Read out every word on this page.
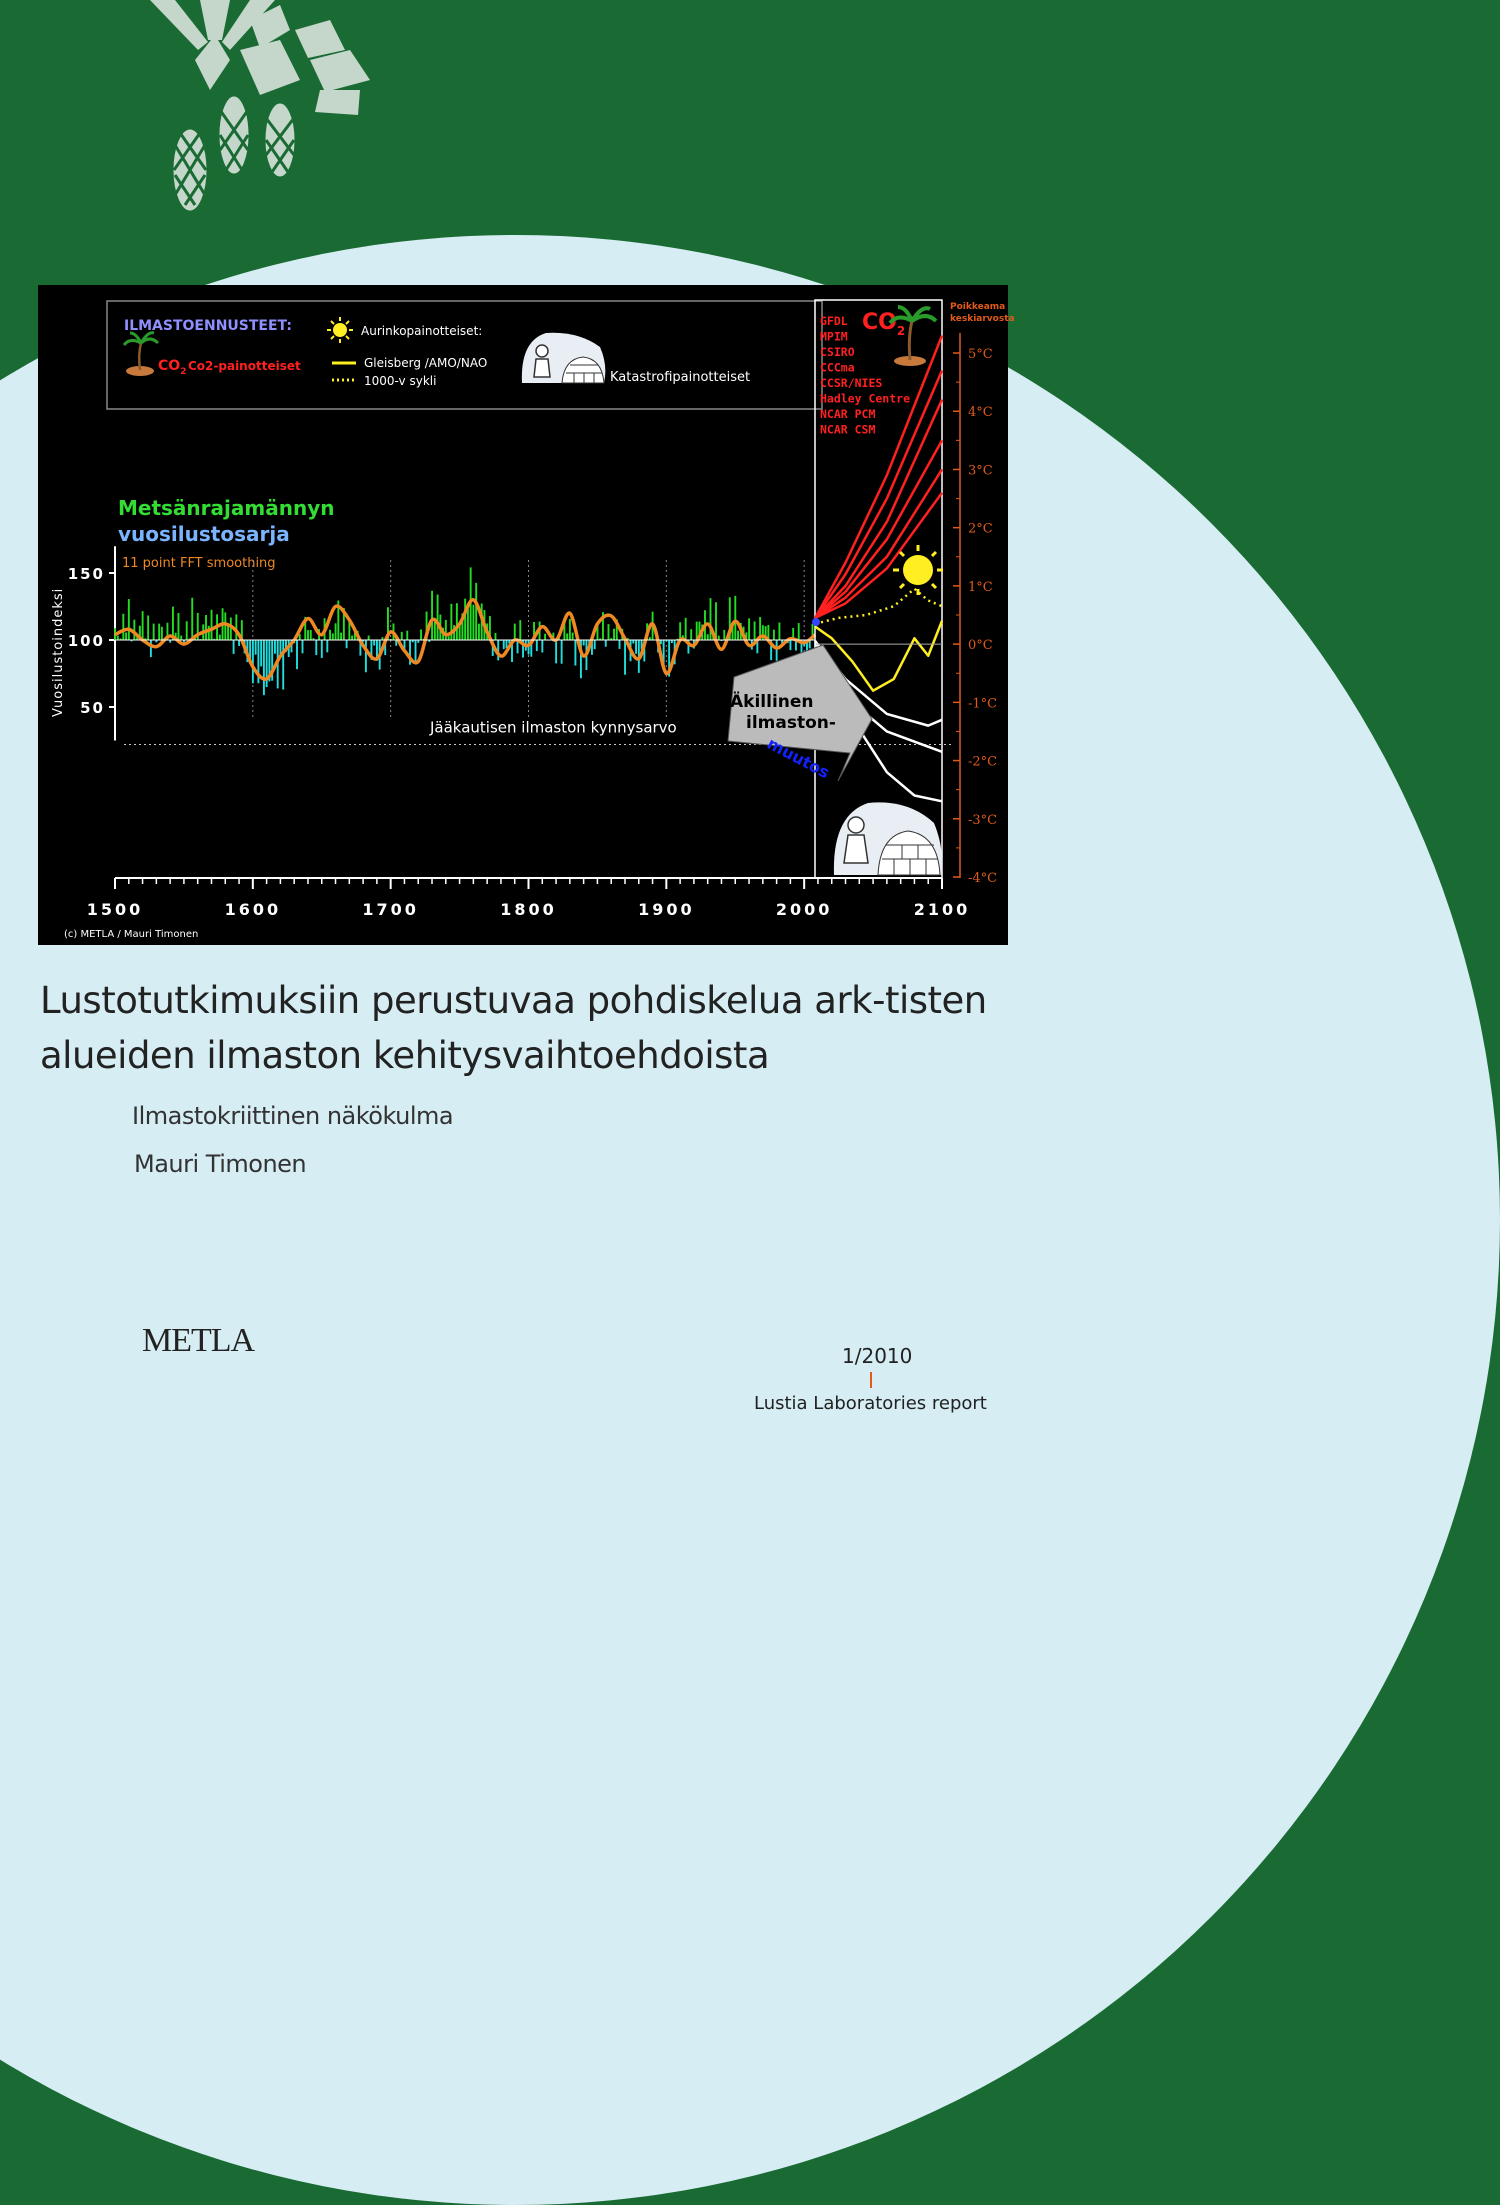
ILMASTOENNUSTEET:
$CO_2$ Co2-painotteiset
Aurinkopainotteiset:
Gleisberg /AMO/NAO
1000-v sykli	Katastrofipainotteiset
Metsänrajamännyn
vuosilustosarja
11 point FFT smoothing
Vuosilustoindeksi
150
100
50
Jääkautisen ilmaston kynnysarvo
1500	1600	1700	1800	1900	2000	2100
(c) METLA / Mauri Timonen
GFDL
MPIM
CSIRO
CCCma
CCSR/NIES
Hadley Centre
NCAR PCM
NCAR CSM
$CO_2$
Poikkeama
keskiarvosta
5°C
4°C
3°C
2°C
1°C
0°C
-1°C
-2°C
-3°C
-4°C
Äkillinen
ilmaston-
muutos
Lustotutkimuksiin perustuvaa pohdiskelua ark-tisten alueiden ilmaston kehitysvaihtoehdoista
Ilmastokriittinen näkökulma
Mauri Timonen
METLA	1/2010
Lustia Laboratories report
